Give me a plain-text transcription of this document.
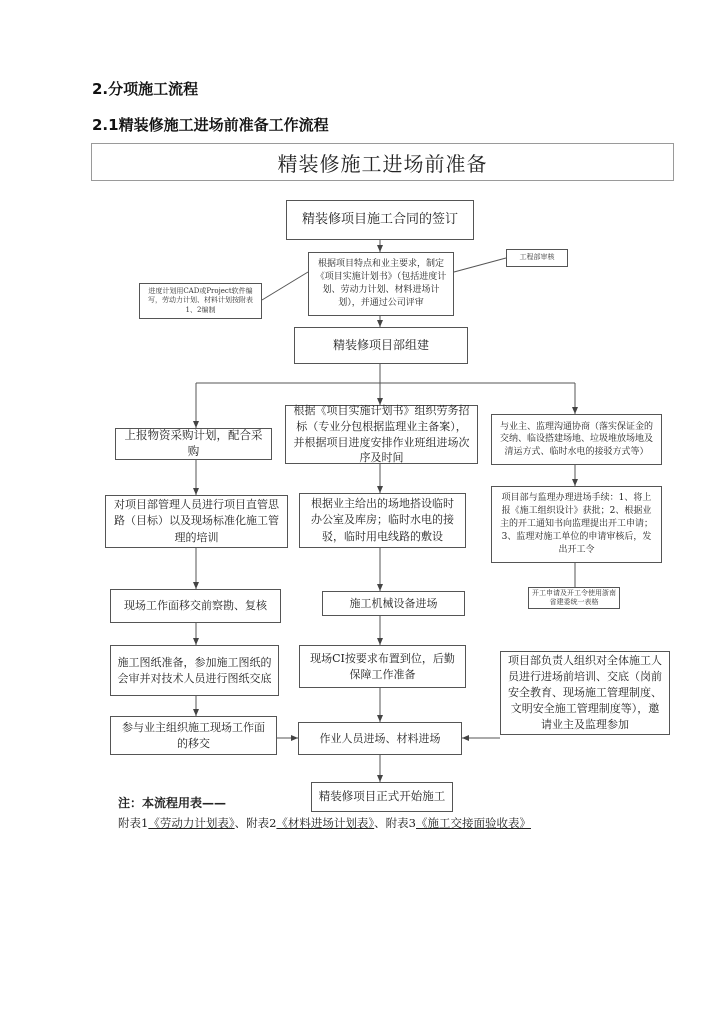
2.分项施工流程
2.1精装修施工进场前准备工作流程
精装修施工进场前准备
精装修项目施工合同的签订
根据项目特点和业主要求，制定《项目实施计划书》（包括进度计划、劳动力计划、材料进场计划），并通过公司评审
进度计划用CAD或Project软件编写，劳动力计划、材料计划按附表1、2编制
工程部审核
精装修项目部组建
上报物资采购计划，配合采购
根据《项目实施计划书》组织劳务招标（专业分包根据监理业主备案），并根据项目进度安排作业班组进场次序及时间
与业主、监理沟通协商（落实保证金的交纳、临设搭建场地、垃圾堆放场地及清运方式、临时水电的接驳方式等）
对项目部管理人员进行项目直管思路（目标）以及现场标准化施工管理的培训
根据业主给出的场地搭设临时办公室及库房；临时水电的接驳，临时用电线路的敷设
项目部与监理办理进场手续：1、将上报《施工组织设计》获批；2、根据业主的开工通知书向监理提出开工申请；3、监理对施工单位的申请审核后，发出开工令
开工申请及开工令使用浙南省建委统一表格
现场工作面移交前察勘、复核	施工机械设备进场
施工图纸准备，参加施工图纸的会审并对技术人员进行图纸交底
现场CI按要求布置到位，后勤保障工作准备
项目部负责人组织对全体施工人员进行进场前培训、交底（岗前安全教育、现场施工管理制度、文明安全施工管理制度等），邀请业主及监理参加
参与业主组织施工现场工作面的移交	作业人员进场、材料进场
精装修项目正式开始施工
注：本流程用表——
附表1《劳动力计划表》、附表2《材料进场计划表》、附表3《施工交接面验收表》
